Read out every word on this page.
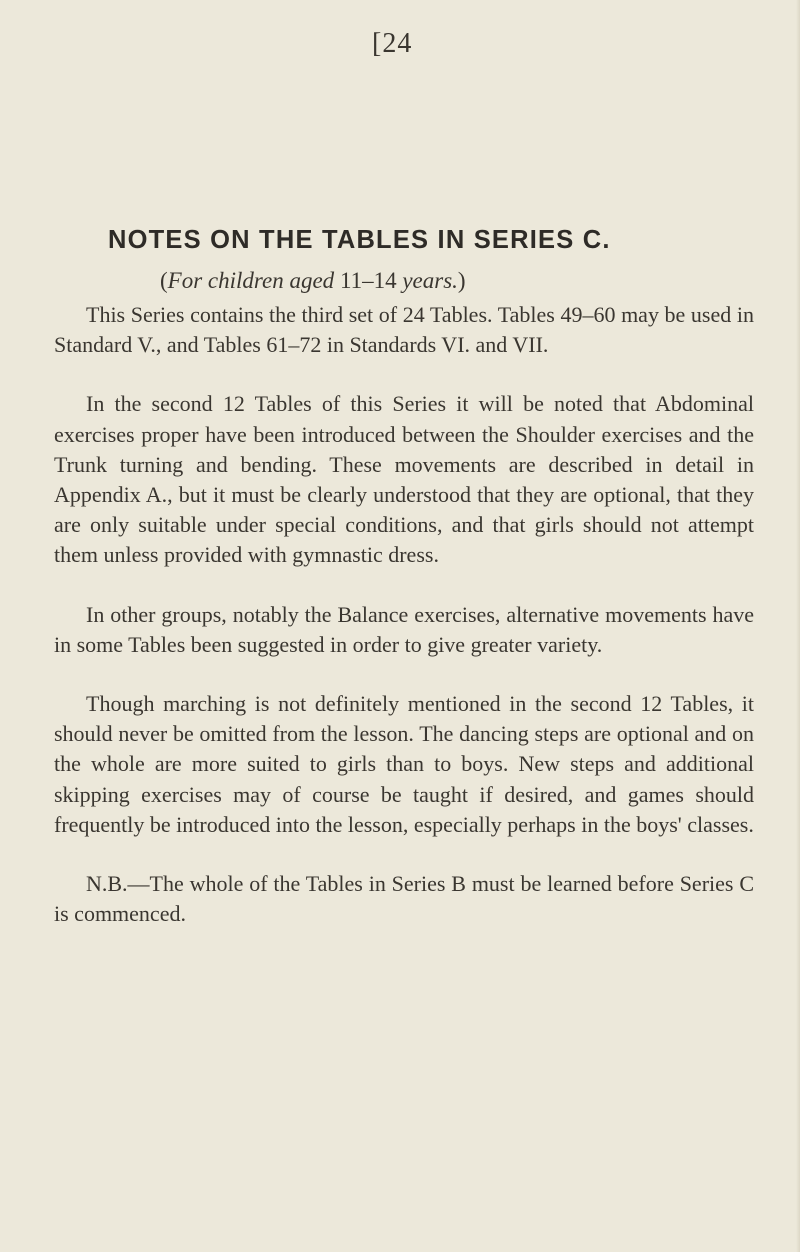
[24
NOTES ON THE TABLES IN SERIES C.
(For children aged 11–14 years.)

This Series contains the third set of 24 Tables. Tables 49–60 may be used in Standard V., and Tables 61–72 in Standards VI. and VII.

In the second 12 Tables of this Series it will be noted that Abdominal exercises proper have been introduced between the Shoulder exercises and the Trunk turning and bending. These movements are described in detail in Appendix A., but it must be clearly understood that they are optional, that they are only suitable under special conditions, and that girls should not attempt them unless provided with gymnastic dress.

In other groups, notably the Balance exercises, alternative movements have in some Tables been suggested in order to give greater variety.

Though marching is not definitely mentioned in the second 12 Tables, it should never be omitted from the lesson. The dancing steps are optional and on the whole are more suited to girls than to boys. New steps and additional skipping exercises may of course be taught if desired, and games should frequently be introduced into the lesson, especially perhaps in the boys' classes.

N.B.—The whole of the Tables in Series B must be learned before Series C is commenced.
